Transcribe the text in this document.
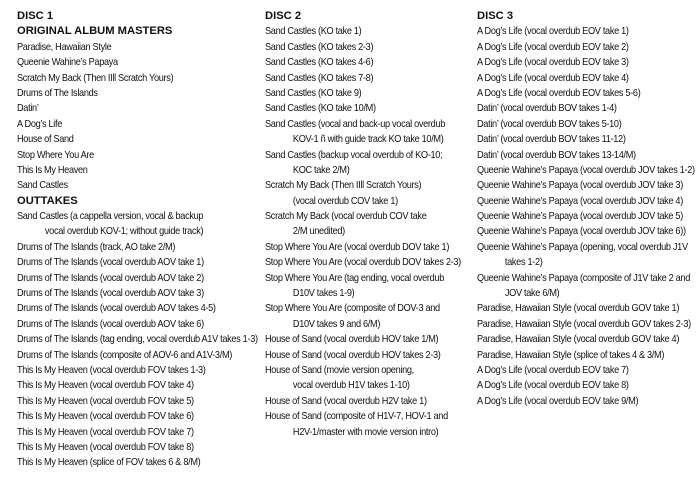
DISC 1
ORIGINAL ALBUM MASTERS
Paradise, Hawaiian Style
Queenie Wahine’s Papaya
Scratch My Back (Then IIll Scratch Yours)
Drums of The Islands
Datin’
A Dog’s Life
House of Sand
Stop Where You Are
This Is My Heaven
Sand Castles
OUTTAKES
Sand Castles (a cappella version, vocal & backup
vocal overdub KOV-1; without guide track)
Drums of The Islands (track, AO take 2/M)
Drums of The Islands (vocal overdub AOV take 1)
Drums of The Islands (vocal overdub AOV take 2)
Drums of The Islands (vocal overdub AOV take 3)
Drums of The Islands (vocal overdub AOV takes 4-5)
Drums of The Islands (vocal overdub AOV take 6)
Drums of The Islands (tag ending, vocal overdub A1V takes 1-3)
Drums of The Islands (composite of AOV-6 and A1V-3/M)
This Is My Heaven (vocal overdub FOV takes 1-3)
This Is My Heaven (vocal overdub FOV take 4)
This Is My Heaven (vocal overdub FOV take 5)
This Is My Heaven (vocal overdub FOV take 6)
This Is My Heaven (vocal overdub FOV take 7)
This Is My Heaven (vocal overdub FOV take 8)
This Is My Heaven (splice of FOV takes 6 & 8/M)
DISC 2
Sand Castles (KO take 1)
Sand Castles (KO takes 2-3)
Sand Castles (KO takes 4-6)
Sand Castles (KO takes 7-8)
Sand Castles (KO take 9)
Sand Castles (KO take 10/M)
Sand Castles (vocal and back-up vocal overdub
KOV-1 ñ with guide track KO take 10/M)
Sand Castles (backup vocal overdub of KO-10;
KOC take 2/M)
Scratch My Back (Then IIll Scratch Yours)
(vocal overdub COV take 1)
Scratch My Back (vocal overdub COV take
2/M unedited)
Stop Where You Are (vocal overdub DOV take 1)
Stop Where You Are (vocal overdub DOV takes 2-3)
Stop Where You Are (tag ending, vocal overdub
D10V takes 1-9)
Stop Where You Are (composite of DOV-3 and
D10V takes 9 and 6/M)
House of Sand (vocal overdub HOV take 1/M)
House of Sand (vocal overdub HOV takes 2-3)
House of Sand (movie version opening,
vocal overdub H1V takes 1-10)
House of Sand (vocal overdub H2V take 1)
House of Sand (composite of H1V-7, HOV-1 and
H2V-1/master with movie version intro)
DISC 3
A Dog’s Life (vocal overdub EOV take 1)
A Dog’s Life (vocal overdub EOV take 2)
A Dog’s Life (vocal overdub EOV take 3)
A Dog’s Life (vocal overdub EOV take 4)
A Dog’s Life (vocal overdub EOV takes 5-6)
Datin’ (vocal overdub BOV takes 1-4)
Datin’ (vocal overdub BOV takes 5-10)
Datin’ (vocal overdub BOV takes 11-12)
Datin’ (vocal overdub BOV takes 13-14/M)
Queenie Wahine’s Papaya (vocal overdub JOV takes 1-2)
Queenie Wahine’s Papaya (vocal overdub JOV take 3)
Queenie Wahine’s Papaya (vocal overdub JOV take 4)
Queenie Wahine’s Papaya (vocal overdub JOV take 5)
Queenie Wahine’s Papaya (vocal overdub JOV take 6))
Queenie Wahine’s Papaya (opening, vocal overdub J1V
takes 1-2)
Queenie Wahine’s Papaya (composite of J1V take 2 and
JOV take 6/M)
Paradise, Hawaiian Style (vocal overdub GOV take 1)
Paradise, Hawaiian Style (vocal overdub GOV takes 2-3)
Paradise, Hawaiian Style (vocal overdub GOV take 4)
Paradise, Hawaiian Style (splice of takes 4 & 3/M)
A Dog’s Life (vocal overdub EOV take 7)
A Dog’s Life (vocal overdub EOV take 8)
A Dog’s Life (vocal overdub EOV take 9/M)
